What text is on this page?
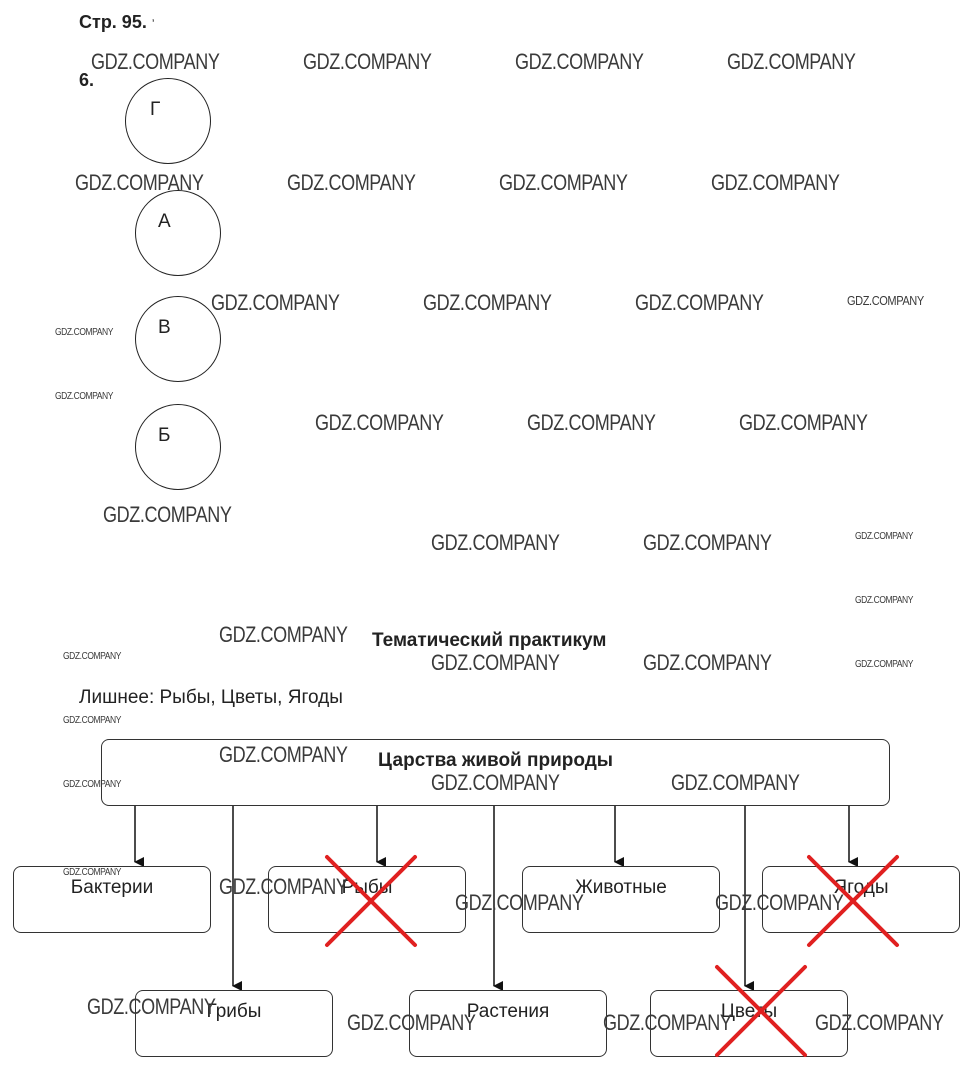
Стр. 95. ʼ
6.
Г
А
В
Б
Тематический практикум
Лишнее: Рыбы, Цветы, Ягоды
Царства живой природы
Бактерии	Рыбы	Животные	Ягоды
Грибы	Растения	Цветы
GDZ.COMPANY	GDZ.COMPANY	GDZ.COMPANY	GDZ.COMPANY
GDZ.COMPANY	GDZ.COMPANY	GDZ.COMPANY	GDZ.COMPANY
GDZ.COMPANY	GDZ.COMPANY	GDZ.COMPANY	GDZ.COMPANY
GDZ.COMPANY
GDZ.COMPANY
GDZ.COMPANY	GDZ.COMPANY	GDZ.COMPANY
GDZ.COMPANY
GDZ.COMPANY	GDZ.COMPANY	GDZ.COMPANY
GDZ.COMPANY
GDZ.COMPANY
GDZ.COMPANY	GDZ.COMPANY	GDZ.COMPANY	GDZ.COMPANY
GDZ.COMPANY
GDZ.COMPANY
GDZ.COMPANY	GDZ.COMPANY	GDZ.COMPANY
GDZ.COMPANY
GDZ.COMPANY
GDZ.COMPANY	GDZ.COMPANY
GDZ.COMPANY
GDZ.COMPANY	GDZ.COMPANY	GDZ.COMPANY
